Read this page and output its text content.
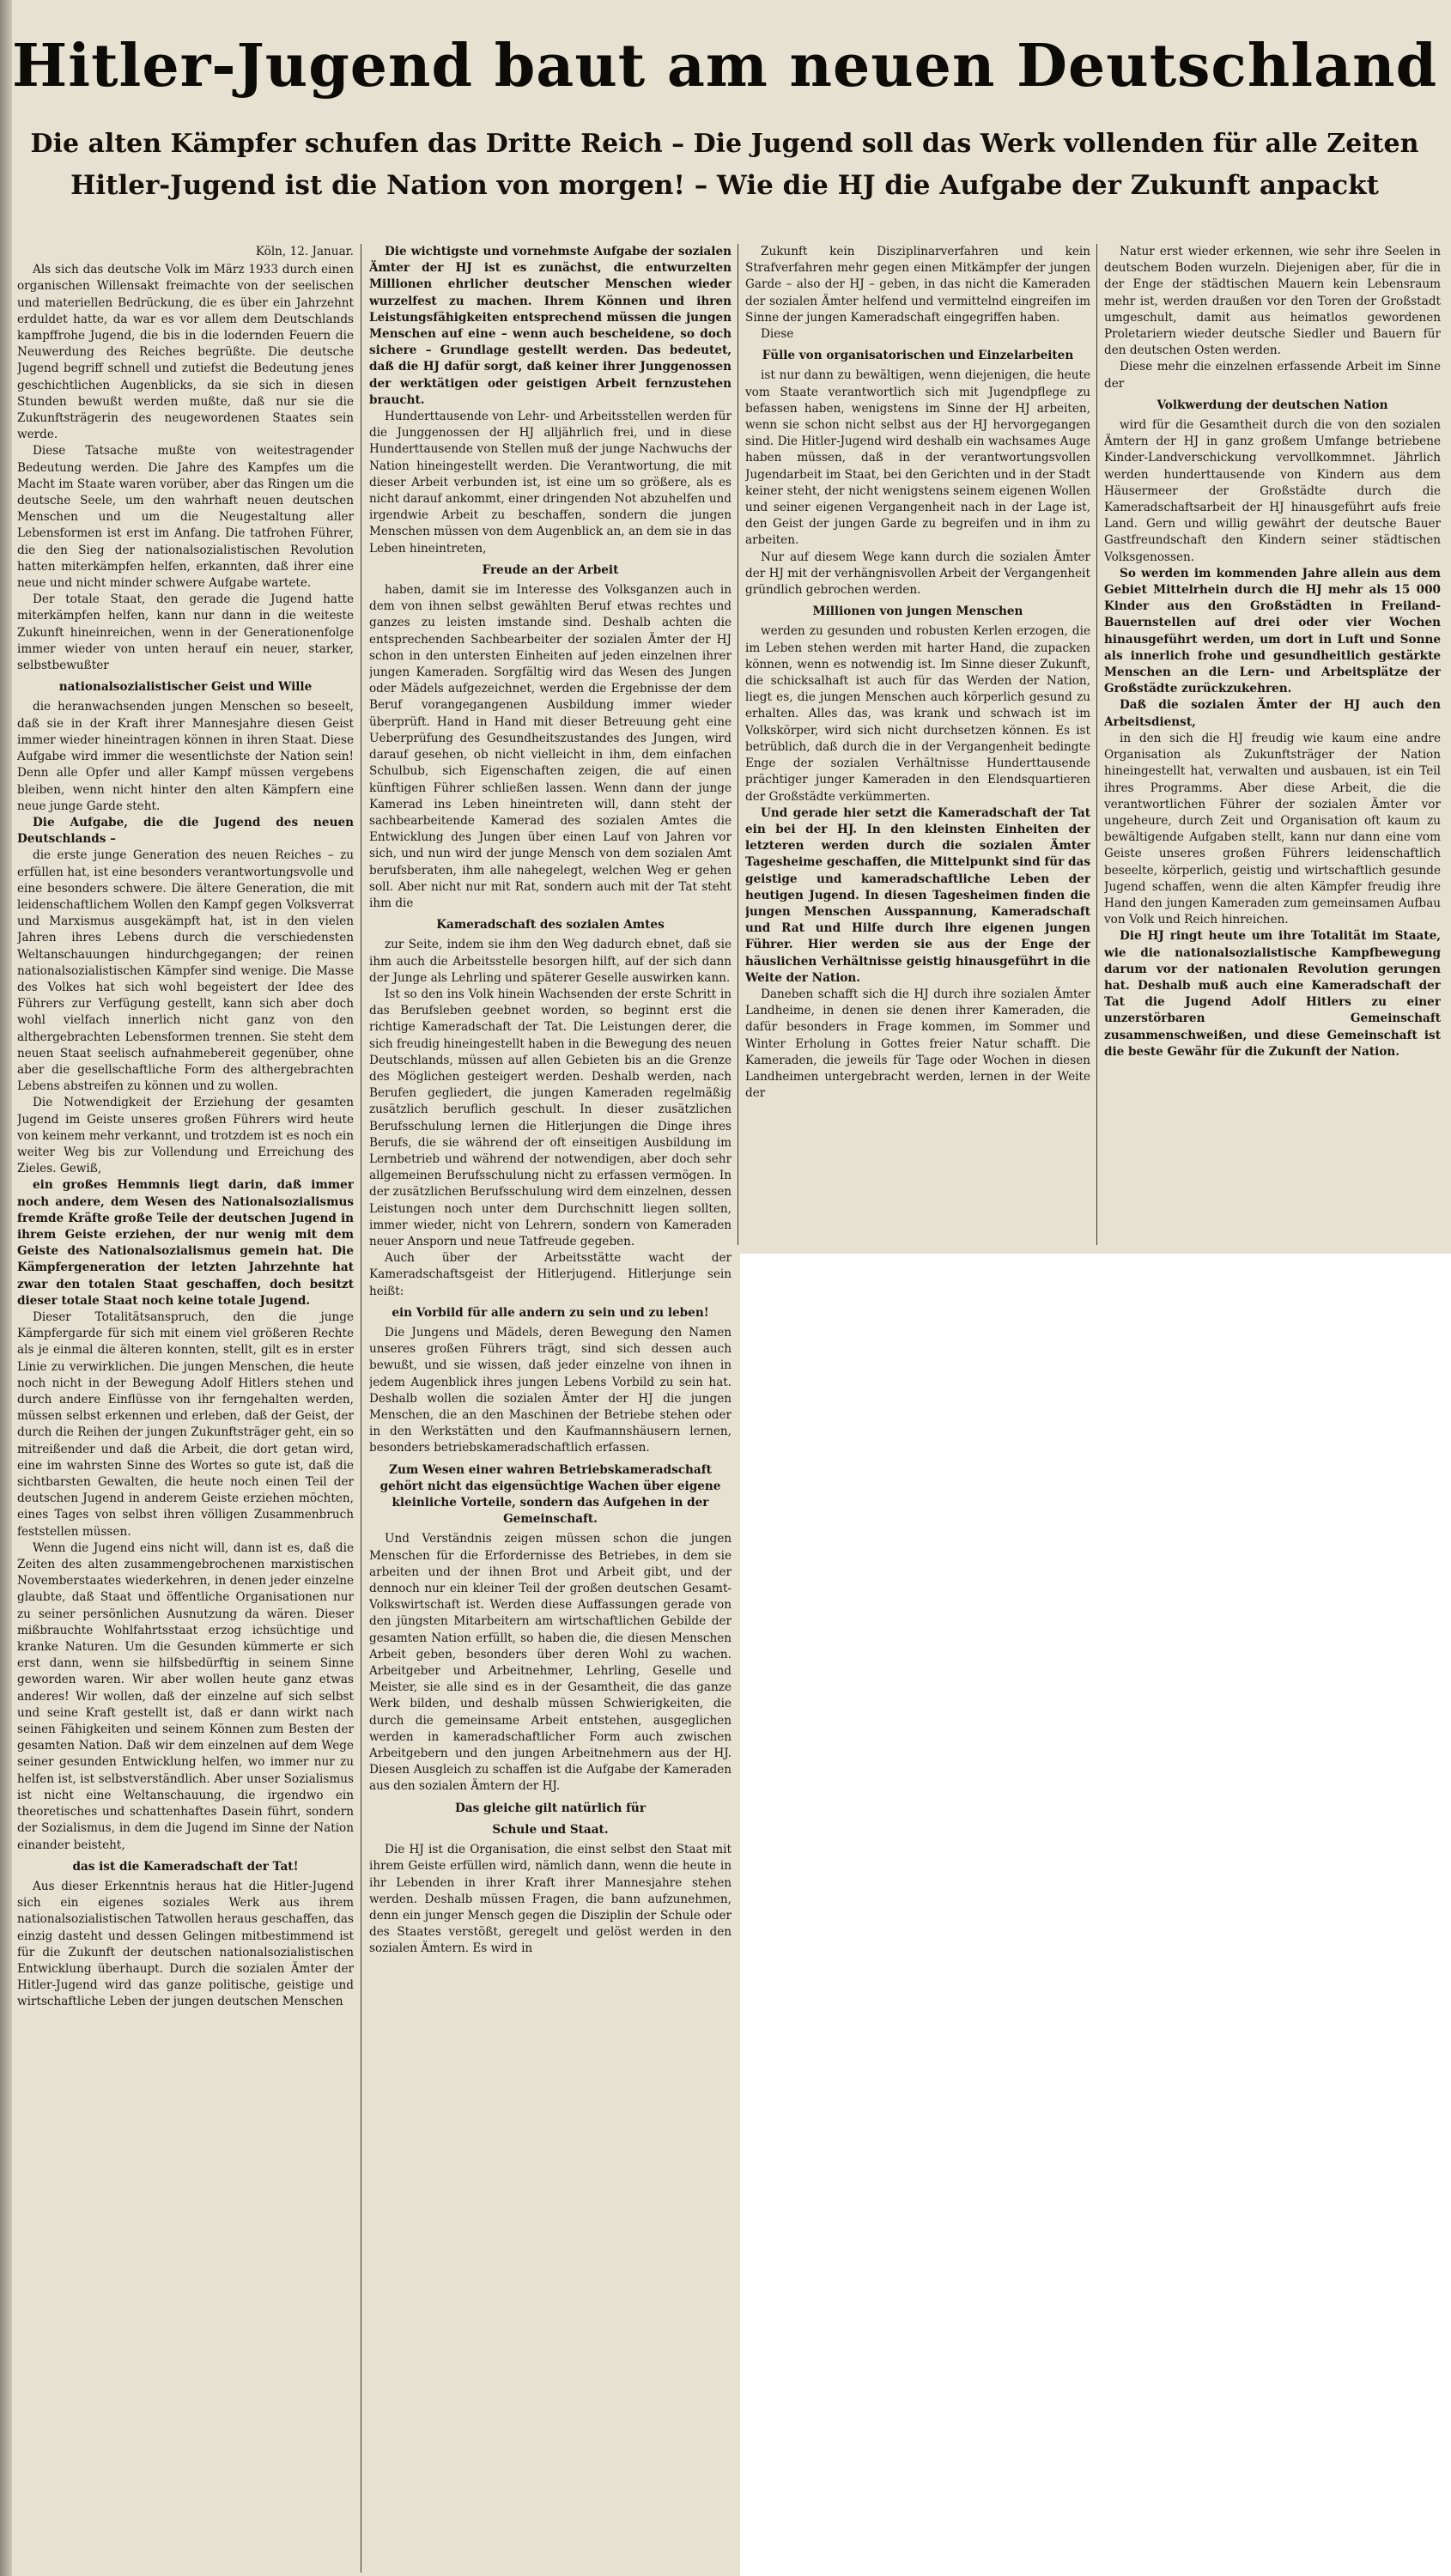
Hitler-Jugend baut am neuen Deutschland
Die alten Kämpfer schufen das Dritte Reich – Die Jugend soll das Werk vollenden für alle Zeiten
Hitler-Jugend ist die Nation von morgen! – Wie die HJ die Aufgabe der Zukunft anpackt

Köln, 12. Januar.

Als sich das deutsche Volk im März 1933 durch einen organischen Willensakt freimachte von der seelischen und materiellen Bedrückung, die es über ein Jahrzehnt erduldet hatte, da war es vor allem dem Deutschlands kampffrohe Jugend, die bis in die lodernden Feuern die Neuwerdung des Reiches begrüßte. Die deutsche Jugend begriff schnell und zutiefst die Bedeutung jenes geschichtlichen Augenblicks, da sie sich in diesen Stunden bewußt werden mußte, daß nur sie die Zukunftsträgerin des neugewordenen Staates sein werde.

Diese Tatsache mußte von weitestragender Bedeutung werden. Die Jahre des Kampfes um die Macht im Staate waren vorüber, aber das Ringen um die deutsche Seele, um den wahrhaft neuen deutschen Menschen und um die Neugestaltung aller Lebensformen ist erst im Anfang. Die tatfrohen Führer, die den Sieg der nationalsozialistischen Revolution hatten miterkämpfen helfen, erkannten, daß ihrer eine neue und nicht minder schwere Aufgabe wartete.

Der totale Staat, den gerade die Jugend hatte miterkämpfen helfen, kann nur dann in die weiteste Zukunft hineinreichen, wenn in der Generationenfolge immer wieder von unten herauf ein neuer, starker, selbstbewußter

nationalsozialistischer Geist und Wille

die heranwachsenden jungen Menschen so beseelt, daß sie in der Kraft ihrer Mannesjahre diesen Geist immer wieder hineintragen können in ihren Staat. Diese Aufgabe wird immer die wesentlichste der Nation sein! Denn alle Opfer und aller Kampf müssen vergebens bleiben, wenn nicht hinter den alten Kämpfern eine neue junge Garde steht.

Die Aufgabe, die die Jugend des neuen Deutschlands –

die erste junge Generation des neuen Reiches – zu erfüllen hat, ist eine besonders verantwortungsvolle und eine besonders schwere. Die ältere Generation, die mit leidenschaftlichem Wollen den Kampf gegen Volksverrat und Marxismus ausgekämpft hat, ist in den vielen Jahren ihres Lebens durch die verschiedensten Weltanschauungen hindurchgegangen; der reinen nationalsozialistischen Kämpfer sind wenige. Die Masse des Volkes hat sich wohl begeistert der Idee des Führers zur Verfügung gestellt, kann sich aber doch wohl vielfach innerlich nicht ganz von den althergebrachten Lebensformen trennen. Sie steht dem neuen Staat seelisch aufnahmebereit gegenüber, ohne aber die gesellschaftliche Form des althergebrachten Lebens abstreifen zu können und zu wollen.

Die Notwendigkeit der Erziehung der gesamten Jugend im Geiste unseres großen Führers wird heute von keinem mehr verkannt, und trotzdem ist es noch ein weiter Weg bis zur Vollendung und Erreichung des Zieles. Gewiß,

ein großes Hemmnis liegt darin, daß immer noch andere, dem Wesen des Nationalsozialismus fremde Kräfte große Teile der deutschen Jugend in ihrem Geiste erziehen, der nur wenig mit dem Geiste des Nationalsozialismus gemein hat. Die Kämpfergeneration der letzten Jahrzehnte hat zwar den totalen Staat geschaffen, doch besitzt dieser totale Staat noch keine totale Jugend.

Dieser Totalitätsanspruch, den die junge Kämpfergarde für sich mit einem viel größeren Rechte als je einmal die älteren konnten, stellt, gilt es in erster Linie zu verwirklichen. Die jungen Menschen, die heute noch nicht in der Bewegung Adolf Hitlers stehen und durch andere Einflüsse von ihr ferngehalten werden, müssen selbst erkennen und erleben, daß der Geist, der durch die Reihen der jungen Zukunftsträger geht, ein so mitreißender und daß die Arbeit, die dort getan wird, eine im wahrsten Sinne des Wortes so gute ist, daß die sichtbarsten Gewalten, die heute noch einen Teil der deutschen Jugend in anderem Geiste erziehen möchten, eines Tages von selbst ihren völligen Zusammenbruch feststellen müssen.

Wenn die Jugend eins nicht will, dann ist es, daß die Zeiten des alten zusammengebrochenen marxistischen Novemberstaates wiederkehren, in denen jeder einzelne glaubte, daß Staat und öffentliche Organisationen nur zu seiner persönlichen Ausnutzung da wären. Dieser mißbrauchte Wohlfahrtsstaat erzog ichsüchtige und kranke Naturen. Um die Gesunden kümmerte er sich erst dann, wenn sie hilfsbedürftig in seinem Sinne geworden waren. Wir aber wollen heute ganz etwas anderes! Wir wollen, daß der einzelne auf sich selbst und seine Kraft gestellt ist, daß er dann wirkt nach seinen Fähigkeiten und seinem Können zum Besten der gesamten Nation. Daß wir dem einzelnen auf dem Wege seiner gesunden Entwicklung helfen, wo immer nur zu helfen ist, ist selbstverständlich. Aber unser Sozialismus ist nicht eine Weltanschauung, die irgendwo ein theoretisches und schattenhaftes Dasein führt, sondern der Sozialismus, in dem die Jugend im Sinne der Nation einander beisteht,

das ist die Kameradschaft der Tat!

Aus dieser Erkenntnis heraus hat die Hitler-Jugend sich ein eigenes soziales Werk aus ihrem nationalsozialistischen Tatwollen heraus geschaffen, das einzig dasteht und dessen Gelingen mitbestimmend ist für die Zukunft der deutschen nationalsozialistischen Entwicklung überhaupt. Durch die sozialen Ämter der Hitler-Jugend wird das ganze politische, geistige und wirtschaftliche Leben der jungen deutschen Menschen

Die wichtigste und vornehmste Aufgabe der sozialen Ämter der HJ ist es zunächst, die entwurzelten Millionen ehrlicher deutscher Menschen wieder wurzelfest zu machen. Ihrem Können und ihren Leistungsfähigkeiten entsprechend müssen die jungen Menschen auf eine – wenn auch bescheidene, so doch sichere – Grundlage gestellt werden. Das bedeutet, daß die HJ dafür sorgt, daß keiner ihrer Junggenossen der werktätigen oder geistigen Arbeit fernzustehen braucht.

Hunderttausende von Lehr- und Arbeitsstellen werden für die Junggenossen der HJ alljährlich frei, und in diese Hunderttausende von Stellen muß der junge Nachwuchs der Nation hineingestellt werden. Die Verantwortung, die mit dieser Arbeit verbunden ist, ist eine um so größere, als es nicht darauf ankommt, einer dringenden Not abzuhelfen und irgendwie Arbeit zu beschaffen, sondern die jungen Menschen müssen von dem Augenblick an, an dem sie in das Leben hineintreten,

Freude an der Arbeit

haben, damit sie im Interesse des Volksganzen auch in dem von ihnen selbst gewählten Beruf etwas rechtes und ganzes zu leisten imstande sind. Deshalb achten die entsprechenden Sachbearbeiter der sozialen Ämter der HJ schon in den untersten Einheiten auf jeden einzelnen ihrer jungen Kameraden. Sorgfältig wird das Wesen des Jungen oder Mädels aufgezeichnet, werden die Ergebnisse der dem Beruf vorangegangenen Ausbildung immer wieder überprüft. Hand in Hand mit dieser Betreuung geht eine Ueberprüfung des Gesundheitszustandes des Jungen, wird darauf gesehen, ob nicht vielleicht in ihm, dem einfachen Schulbub, sich Eigenschaften zeigen, die auf einen künftigen Führer schließen lassen. Wenn dann der junge Kamerad ins Leben hineintreten will, dann steht der sachbearbeitende Kamerad des sozialen Amtes die Entwicklung des Jungen über einen Lauf von Jahren vor sich, und nun wird der junge Mensch von dem sozialen Amt berufsberaten, ihm alle nahegelegt, welchen Weg er gehen soll. Aber nicht nur mit Rat, sondern auch mit der Tat steht ihm die

Kameradschaft des sozialen Amtes

zur Seite, indem sie ihm den Weg dadurch ebnet, daß sie ihm auch die Arbeitsstelle besorgen hilft, auf der sich dann der Junge als Lehrling und späterer Geselle auswirken kann.

Ist so den ins Volk hinein Wachsenden der erste Schritt in das Berufsleben geebnet worden, so beginnt erst die richtige Kameradschaft der Tat. Die Leistungen derer, die sich freudig hineingestellt haben in die Bewegung des neuen Deutschlands, müssen auf allen Gebieten bis an die Grenze des Möglichen gesteigert werden. Deshalb werden, nach Berufen gegliedert, die jungen Kameraden regelmäßig zusätzlich beruflich geschult. In dieser zusätzlichen Berufsschulung lernen die Hitlerjungen die Dinge ihres Berufs, die sie während der oft einseitigen Ausbildung im Lernbetrieb und während der notwendigen, aber doch sehr allgemeinen Berufsschulung nicht zu erfassen vermögen. In der zusätzlichen Berufsschulung wird dem einzelnen, dessen Leistungen noch unter dem Durchschnitt liegen sollten, immer wieder, nicht von Lehrern, sondern von Kameraden neuer Ansporn und neue Tatfreude gegeben.

Auch über der Arbeitsstätte wacht der Kameradschaftsgeist der Hitlerjugend. Hitlerjunge sein heißt:

ein Vorbild für alle andern zu sein und zu leben!

Die Jungens und Mädels, deren Bewegung den Namen unseres großen Führers trägt, sind sich dessen auch bewußt, und sie wissen, daß jeder einzelne von ihnen in jedem Augenblick ihres jungen Lebens Vorbild zu sein hat. Deshalb wollen die sozialen Ämter der HJ die jungen Menschen, die an den Maschinen der Betriebe stehen oder in den Werkstätten und den Kaufmannshäusern lernen, besonders betriebskameradschaftlich erfassen.

Zum Wesen einer wahren Betriebskameradschaft gehört nicht das eigensüchtige Wachen über eigene kleinliche Vorteile, sondern das Aufgehen in der Gemeinschaft.

Und Verständnis zeigen müssen schon die jungen Menschen für die Erfordernisse des Betriebes, in dem sie arbeiten und der ihnen Brot und Arbeit gibt, und der dennoch nur ein kleiner Teil der großen deutschen Gesamt-Volkswirtschaft ist. Werden diese Auffassungen gerade von den jüngsten Mitarbeitern am wirtschaftlichen Gebilde der gesamten Nation erfüllt, so haben die, die diesen Menschen Arbeit geben, besonders über deren Wohl zu wachen. Arbeitgeber und Arbeitnehmer, Lehrling, Geselle und Meister, sie alle sind es in der Gesamtheit, die das ganze Werk bilden, und deshalb müssen Schwierigkeiten, die durch die gemeinsame Arbeit entstehen, ausgeglichen werden in kameradschaftlicher Form auch zwischen Arbeitgebern und den jungen Arbeitnehmern aus der HJ. Diesen Ausgleich zu schaffen ist die Aufgabe der Kameraden aus den sozialen Ämtern der HJ.

Das gleiche gilt natürlich für

Schule und Staat.

Die HJ ist die Organisation, die einst selbst den Staat mit ihrem Geiste erfüllen wird, nämlich dann, wenn die heute in ihr Lebenden in ihrer Kraft ihrer Mannesjahre stehen werden. Deshalb müssen Fragen, die bann aufzunehmen, denn ein junger Mensch gegen die Disziplin der Schule oder des Staates verstößt, geregelt und gelöst werden in den sozialen Ämtern. Es wird in

Zukunft kein Disziplinarverfahren und kein Strafverfahren mehr gegen einen Mitkämpfer der jungen Garde – also der HJ – geben, in das nicht die Kameraden der sozialen Ämter helfend und vermittelnd eingreifen im Sinne der jungen Kameradschaft eingegriffen haben.

Diese

Fülle von organisatorischen und Einzelarbeiten

ist nur dann zu bewältigen, wenn diejenigen, die heute vom Staate verantwortlich sich mit Jugendpflege zu befassen haben, wenigstens im Sinne der HJ arbeiten, wenn sie schon nicht selbst aus der HJ hervorgegangen sind. Die Hitler-Jugend wird deshalb ein wachsames Auge haben müssen, daß in der verantwortungsvollen Jugendarbeit im Staat, bei den Gerichten und in der Stadt keiner steht, der nicht wenigstens seinem eigenen Wollen und seiner eigenen Vergangenheit nach in der Lage ist, den Geist der jungen Garde zu begreifen und in ihm zu arbeiten.

Nur auf diesem Wege kann durch die sozialen Ämter der HJ mit der verhängnisvollen Arbeit der Vergangenheit gründlich gebrochen werden.

Millionen von jungen Menschen

werden zu gesunden und robusten Kerlen erzogen, die im Leben stehen werden mit harter Hand, die zupacken können, wenn es notwendig ist. Im Sinne dieser Zukunft, die schicksalhaft ist auch für das Werden der Nation, liegt es, die jungen Menschen auch körperlich gesund zu erhalten. Alles das, was krank und schwach ist im Volkskörper, wird sich nicht durchsetzen können. Es ist betrüblich, daß durch die in der Vergangenheit bedingte Enge der sozialen Verhältnisse Hunderttausende prächtiger junger Kameraden in den Elendsquartieren der Großstädte verkümmerten.

Und gerade hier setzt die Kameradschaft der Tat ein bei der HJ. In den kleinsten Einheiten der letzteren werden durch die sozialen Ämter Tagesheime geschaffen, die Mittelpunkt sind für das geistige und kameradschaftliche Leben der heutigen Jugend. In diesen Tagesheimen finden die jungen Menschen Ausspannung, Kameradschaft und Rat und Hilfe durch ihre eigenen jungen Führer. Hier werden sie aus der Enge der häuslichen Verhältnisse geistig hinausgeführt in die Weite der Nation.

Daneben schafft sich die HJ durch ihre sozialen Ämter Landheime, in denen sie denen ihrer Kameraden, die dafür besonders in Frage kommen, im Sommer und Winter Erholung in Gottes freier Natur schafft. Die Kameraden, die jeweils für Tage oder Wochen in diesen Landheimen untergebracht werden, lernen in der Weite der

Natur erst wieder erkennen, wie sehr ihre Seelen in deutschem Boden wurzeln. Diejenigen aber, für die in der Enge der städtischen Mauern kein Lebensraum mehr ist, werden draußen vor den Toren der Großstadt umgeschult, damit aus heimatlos gewordenen Proletariern wieder deutsche Siedler und Bauern für den deutschen Osten werden.

Diese mehr die einzelnen erfassende Arbeit im Sinne der

Volkwerdung der deutschen Nation

wird für die Gesamtheit durch die von den sozialen Ämtern der HJ in ganz großem Umfange betriebene Kinder-Landverschickung vervollkommnet. Jährlich werden hunderttausende von Kindern aus dem Häusermeer der Großstädte durch die Kameradschaftsarbeit der HJ hinausgeführt aufs freie Land. Gern und willig gewährt der deutsche Bauer Gastfreundschaft den Kindern seiner städtischen Volksgenossen.

So werden im kommenden Jahre allein aus dem Gebiet Mittelrhein durch die HJ mehr als 15 000 Kinder aus den Großstädten in Freiland-Bauernstellen auf drei oder vier Wochen hinausgeführt werden, um dort in Luft und Sonne als innerlich frohe und gesundheitlich gestärkte Menschen an die Lern- und Arbeitsplätze der Großstädte zurückzukehren.

Daß die sozialen Ämter der HJ auch den Arbeitsdienst,

in den sich die HJ freudig wie kaum eine andre Organisation als Zukunftsträger der Nation hineingestellt hat, verwalten und ausbauen, ist ein Teil ihres Programms. Aber diese Arbeit, die die verantwortlichen Führer der sozialen Ämter vor ungeheure, durch Zeit und Organisation oft kaum zu bewältigende Aufgaben stellt, kann nur dann eine vom Geiste unseres großen Führers leidenschaftlich beseelte, körperlich, geistig und wirtschaftlich gesunde Jugend schaffen, wenn die alten Kämpfer freudig ihre Hand den jungen Kameraden zum gemeinsamen Aufbau von Volk und Reich hinreichen.

Die HJ ringt heute um ihre Totalität im Staate, wie die nationalsozialistische Kampfbewegung darum vor der nationalen Revolution gerungen hat. Deshalb muß auch eine Kameradschaft der Tat die Jugend Adolf Hitlers zu einer unzerstörbaren Gemeinschaft zusammenschweißen, und diese Gemeinschaft ist die beste Gewähr für die Zukunft der Nation.
